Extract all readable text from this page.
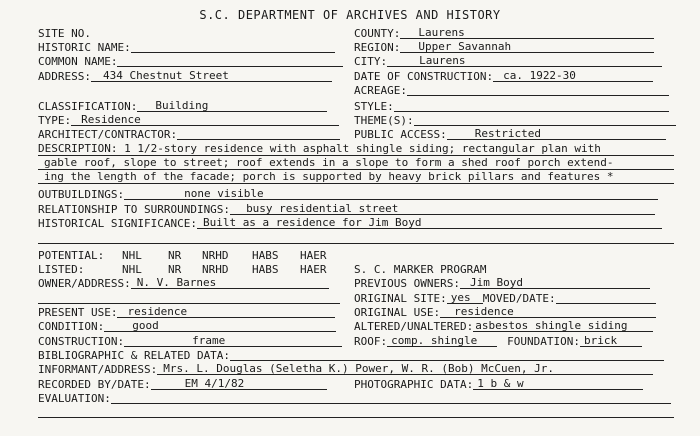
S.C. DEPARTMENT OF ARCHIVES AND HISTORY
SITE NO.
HISTORIC NAME:
COMMON NAME:
ADDRESS: 434 Chestnut Street
COUNTY: Laurens
REGION: Upper Savannah
CITY:	Laurens
DATE OF CONSTRUCTION: ca. 1922-30
ACREAGE:
CLASSIFICATION: Building
TYPE: Residence
ARCHITECT/CONTRACTOR:
STYLE:
THEME(S):
PUBLIC ACCESS:	Restricted
DESCRIPTION: 1 1/2-story residence with asphalt shingle siding; rectangular plan with
gable roof, slope to street; roof extends in a slope to form a shed roof porch extend-
ing the length of the facade; porch is supported by heavy brick pillars and features *
OUTBUILDINGS:	none visible
RELATIONSHIP TO SURROUNDINGS: busy residential street
HISTORICAL SIGNIFICANCE: Built as a residence for Jim Boyd
POTENTIAL: NHL NR NRHD HABS HAER
LISTED:	NHL NR NRHD HABS HAER
OWNER/ADDRESS: N. V. Barnes
S. C. MARKER PROGRAM
PREVIOUS OWNERS: Jim Boyd
ORIGINAL SITE: yes MOVED/DATE:
ORIGINAL USE: residence
ALTERED/UNALTERED: asbestos shingle siding
ROOF: comp. shingle	FOUNDATION: brick
PRESENT USE: residence
CONDITION:	good
CONSTRUCTION:	frame
BIBLIOGRAPHIC & RELATED DATA:
INFORMANT/ADDRESS: Mrs. L. Douglas (Seletha K.) Power, W. R. (Bob) McCuen, Jr.
RECORDED BY/DATE:	EM 4/1/82	PHOTOGRAPHIC DATA: 1 b & w
EVALUATION:
